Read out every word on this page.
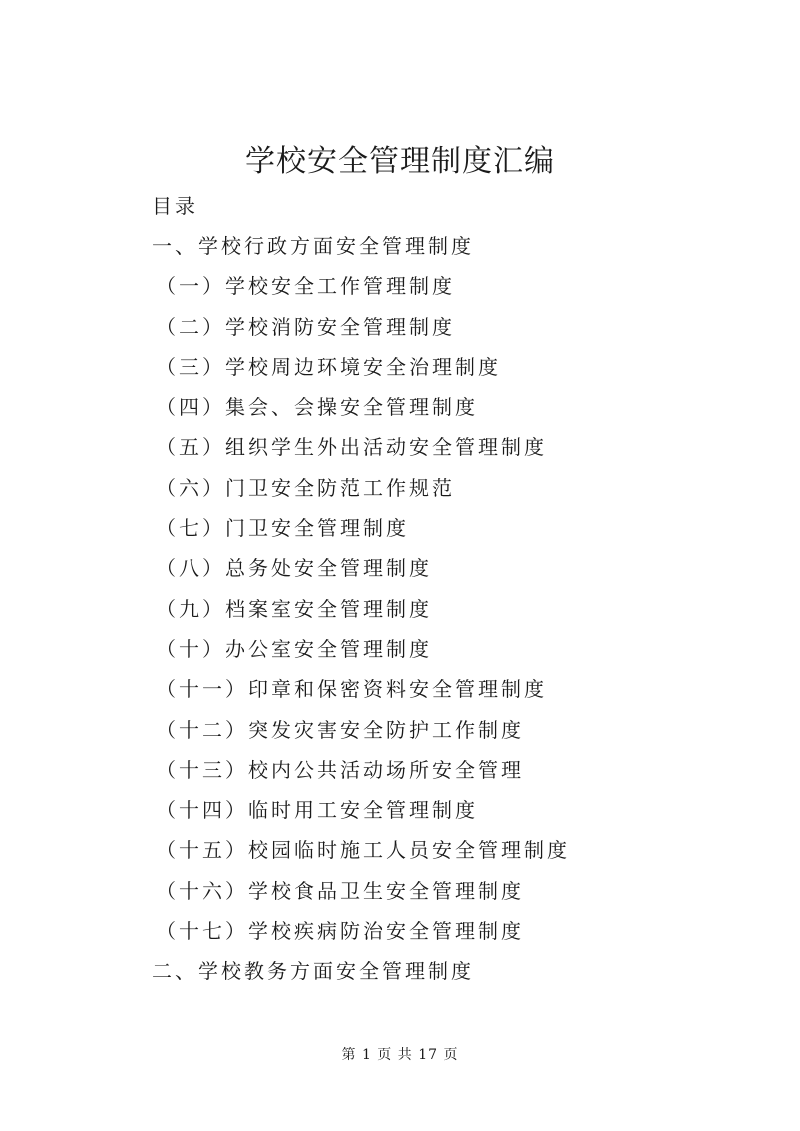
学校安全管理制度汇编
目录
一、学校行政方面安全管理制度
（一）学校安全工作管理制度
（二）学校消防安全管理制度
（三）学校周边环境安全治理制度
（四）集会、会操安全管理制度
（五）组织学生外出活动安全管理制度
（六）门卫安全防范工作规范
（七）门卫安全管理制度
（八）总务处安全管理制度
（九）档案室安全管理制度
（十）办公室安全管理制度
（十一）印章和保密资料安全管理制度
（十二）突发灾害安全防护工作制度
（十三）校内公共活动场所安全管理
（十四）临时用工安全管理制度
（十五）校园临时施工人员安全管理制度
（十六）学校食品卫生安全管理制度
（十七）学校疾病防治安全管理制度
二、学校教务方面安全管理制度
第 1 页 共 17 页
